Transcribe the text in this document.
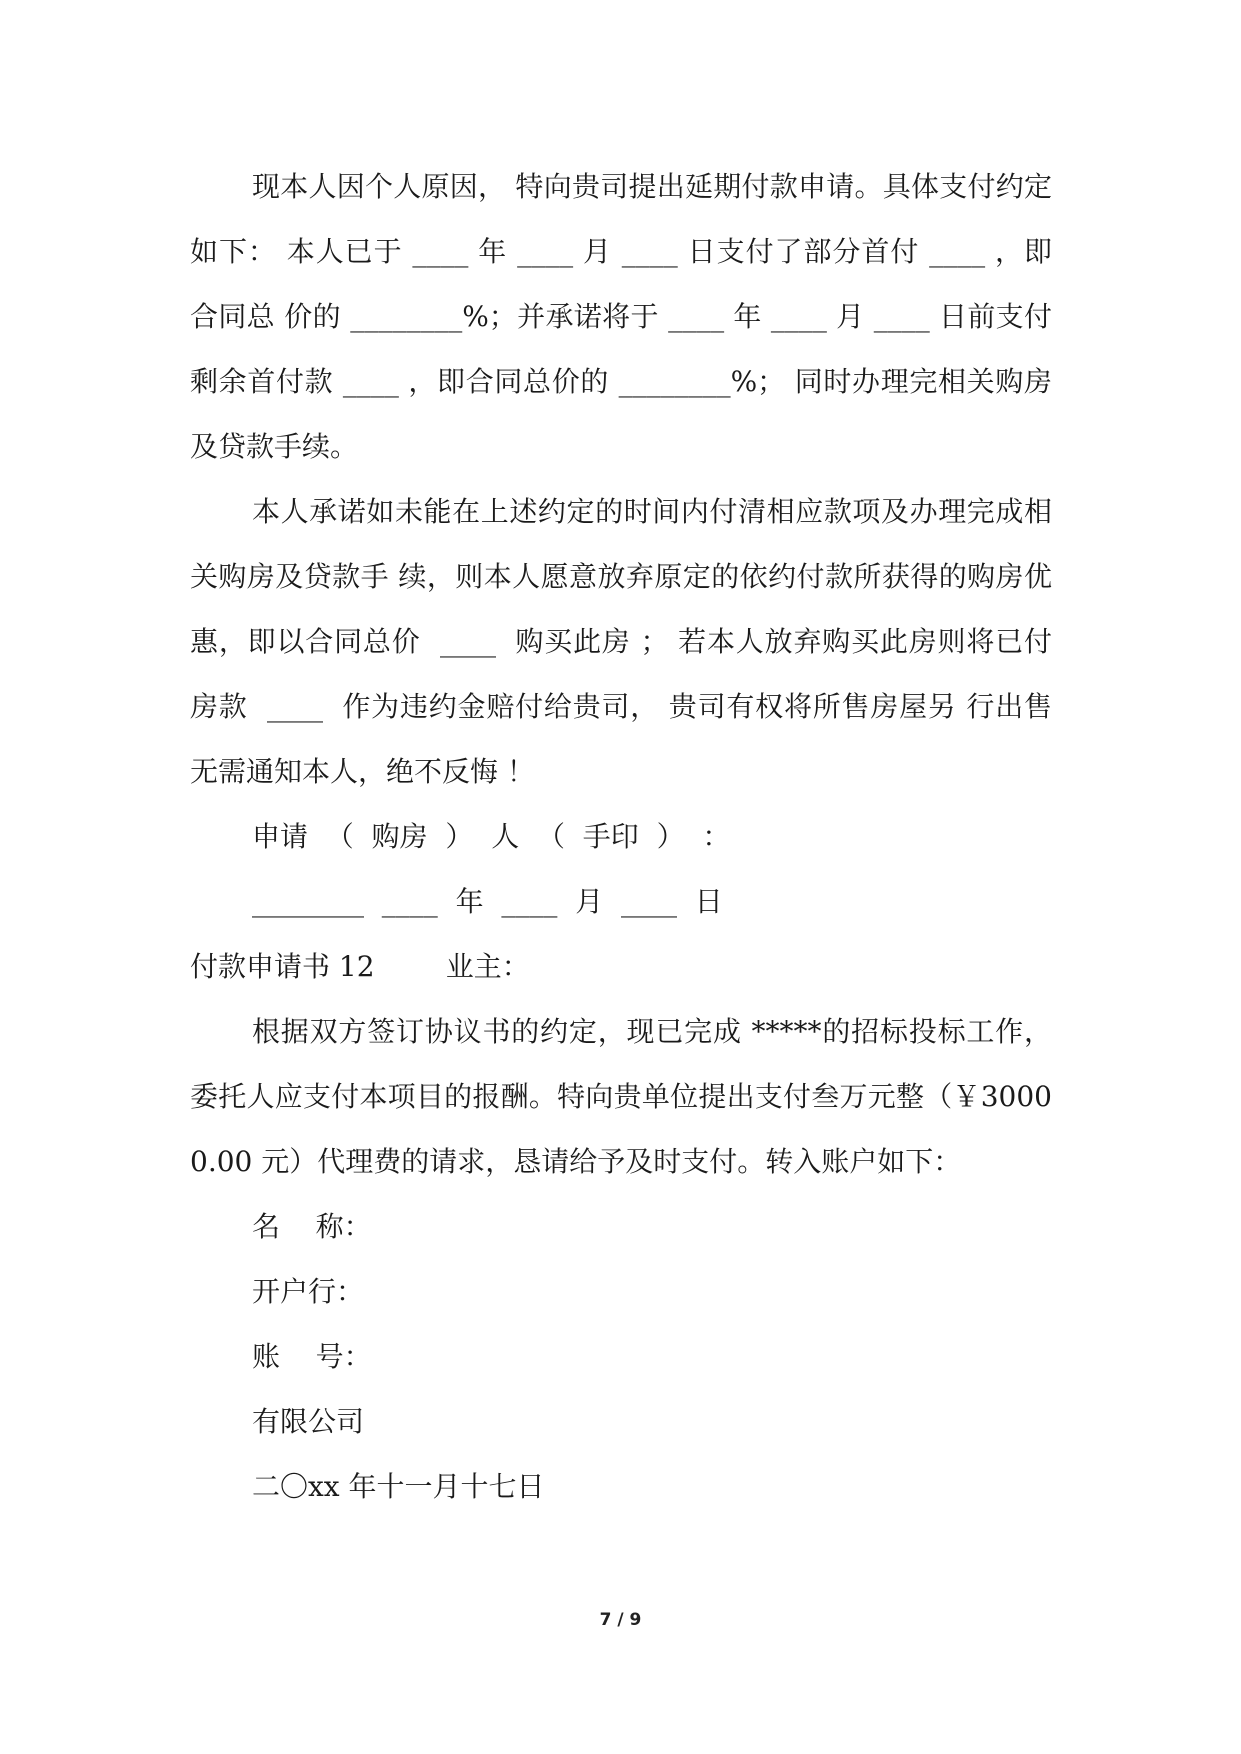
现本人因个人原因， 特向贵司提出延期付款申请。具体支付约定如下： 本人已于 ____ 年 ____ 月 ____ 日支付了部分首付 ____ ，即合同总 价的 ________%；并承诺将于 ____ 年 ____ 月 ____ 日前支付剩余首付款 ____ ，即合同总价的 ________%； 同时办理完相关购房及贷款手续。

本人承诺如未能在上述约定的时间内付清相应款项及办理完成相关购房及贷款手 续，则本人愿意放弃原定的依约付款所获得的购房优惠，即以合同总价  ____  购买此房 ； 若本人放弃购买此房则将已付房款  ____  作为违约金赔付给贵司， 贵司有权将所售房屋另 行出售无需通知本人，绝不反悔 ！

申请  （  购房  ）  人  （  手印  ）  ：

________  ____  年  ____  月  ____  日

付款申请书 12        业主：

根据双方签订协议书的约定，现已完成 *****的招标投标工作，委托人应支付本项目的报酬。特向贵单位提出支付叁万元整（￥30000.00 元）代理费的请求，恳请给予及时支付。转入账户如下：

名    称：

开户行：

账    号：

有限公司

二〇xx 年十一月十七日

7 / 9
